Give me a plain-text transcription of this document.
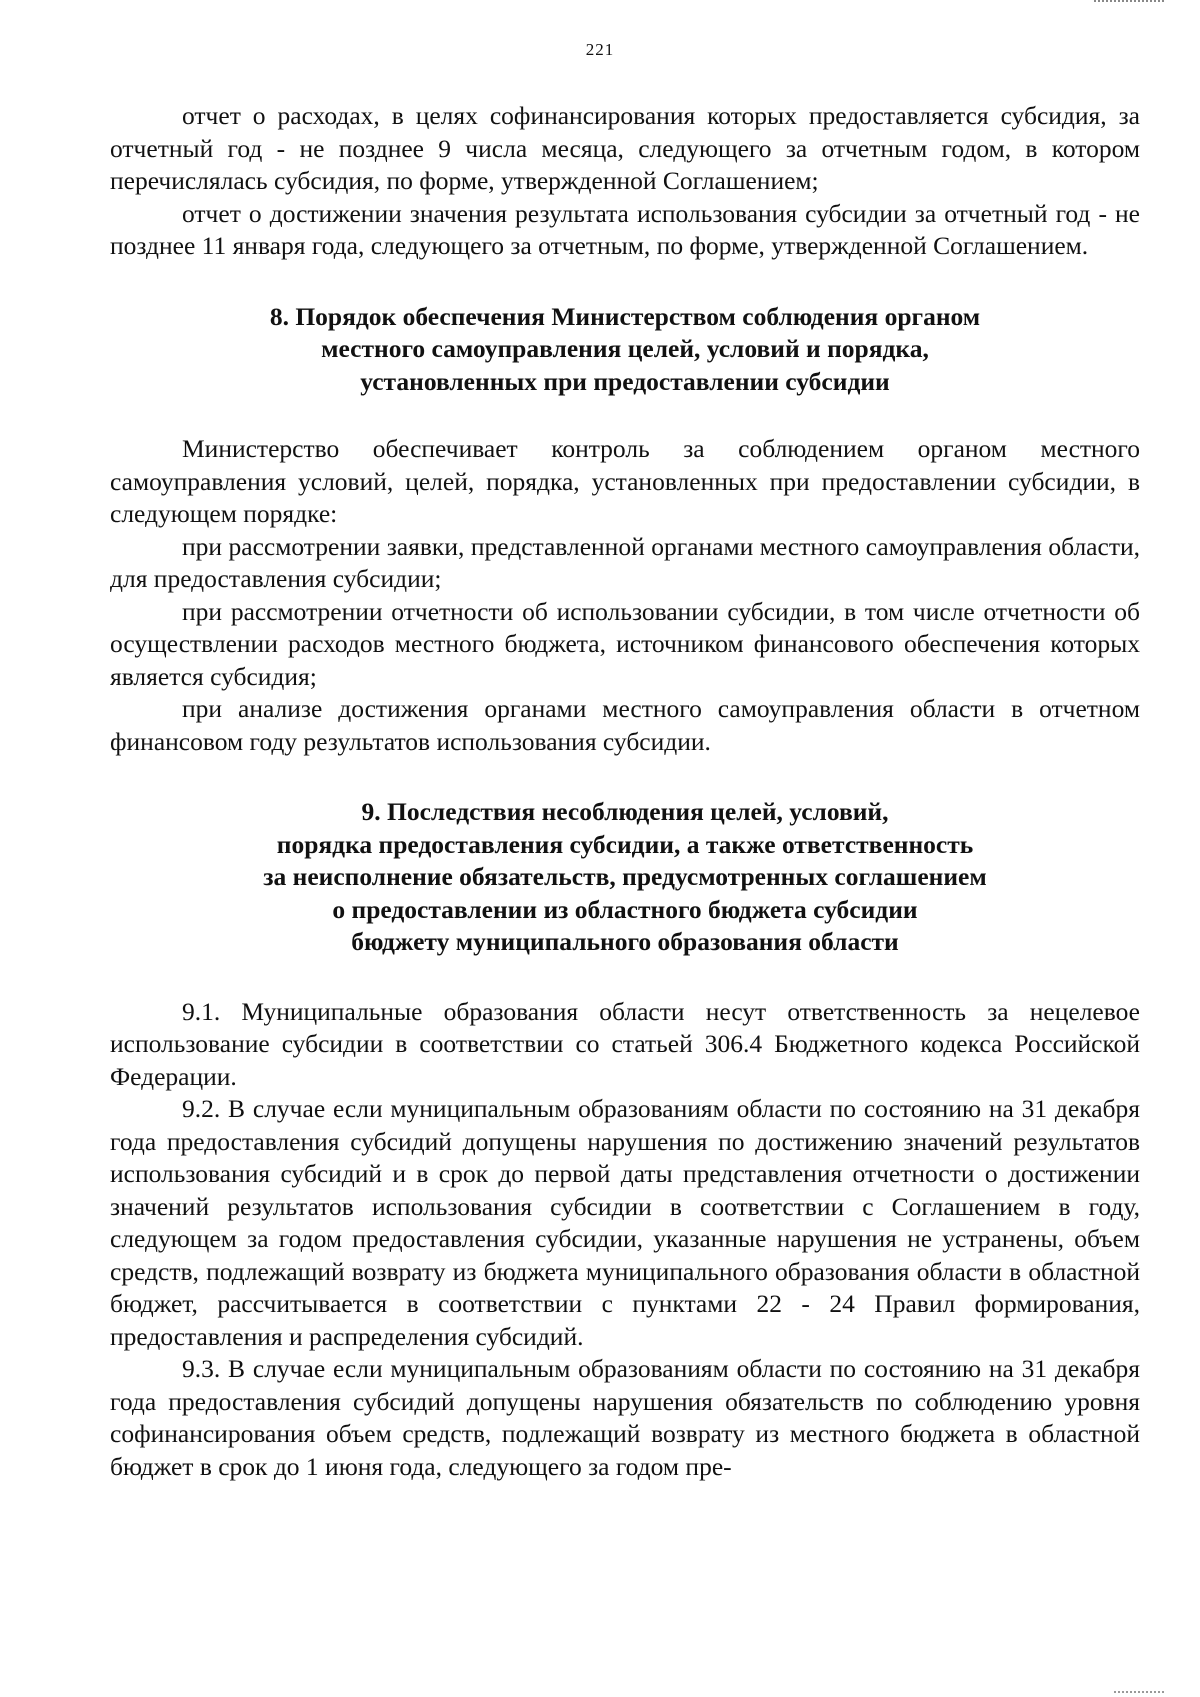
221

отчет о расходах, в целях софинансирования которых предоставляется субсидия, за отчетный год - не позднее 9 числа месяца, следующего за отчетным годом, в котором перечислялась субсидия, по форме, утвержденной Соглашением;

отчет о достижении значения результата использования субсидии за отчетный год - не позднее 11 января года, следующего за отчетным, по форме, утвержденной Соглашением.

8. Порядок обеспечения Министерством соблюдения органом
местного самоуправления целей, условий и порядка,
установленных при предоставлении субсидии

Министерство обеспечивает контроль за соблюдением органом местного самоуправления условий, целей, порядка, установленных при предоставлении субсидии, в следующем порядке:

при рассмотрении заявки, представленной органами местного самоуправления области, для предоставления субсидии;

при рассмотрении отчетности об использовании субсидии, в том числе отчетности об осуществлении расходов местного бюджета, источником финансового обеспечения которых является субсидия;

при анализе достижения органами местного самоуправления области в отчетном финансовом году результатов использования субсидии.

9. Последствия несоблюдения целей, условий,
порядка предоставления субсидии, а также ответственность
за неисполнение обязательств, предусмотренных соглашением
о предоставлении из областного бюджета субсидии
бюджету муниципального образования области

9.1. Муниципальные образования области несут ответственность за нецелевое использование субсидии в соответствии со статьей 306.4 Бюджетного кодекса Российской Федерации.

9.2. В случае если муниципальным образованиям области по состоянию на 31 декабря года предоставления субсидий допущены нарушения по достижению значений результатов использования субсидий и в срок до первой даты представления отчетности о достижении значений результатов использования субсидии в соответствии с Соглашением в году, следующем за годом предоставления субсидии, указанные нарушения не устранены, объем средств, подлежащий возврату из бюджета муниципального образования области в областной бюджет, рассчитывается в соответствии с пунктами 22 - 24 Правил формирования, предоставления и распределения субсидий.

9.3. В случае если муниципальным образованиям области по состоянию на 31 декабря года предоставления субсидий допущены нарушения обязательств по соблюдению уровня софинансирования объем средств, подлежащий возврату из местного бюджета в областной бюджет в срок до 1 июня года, следующего за годом пре-
